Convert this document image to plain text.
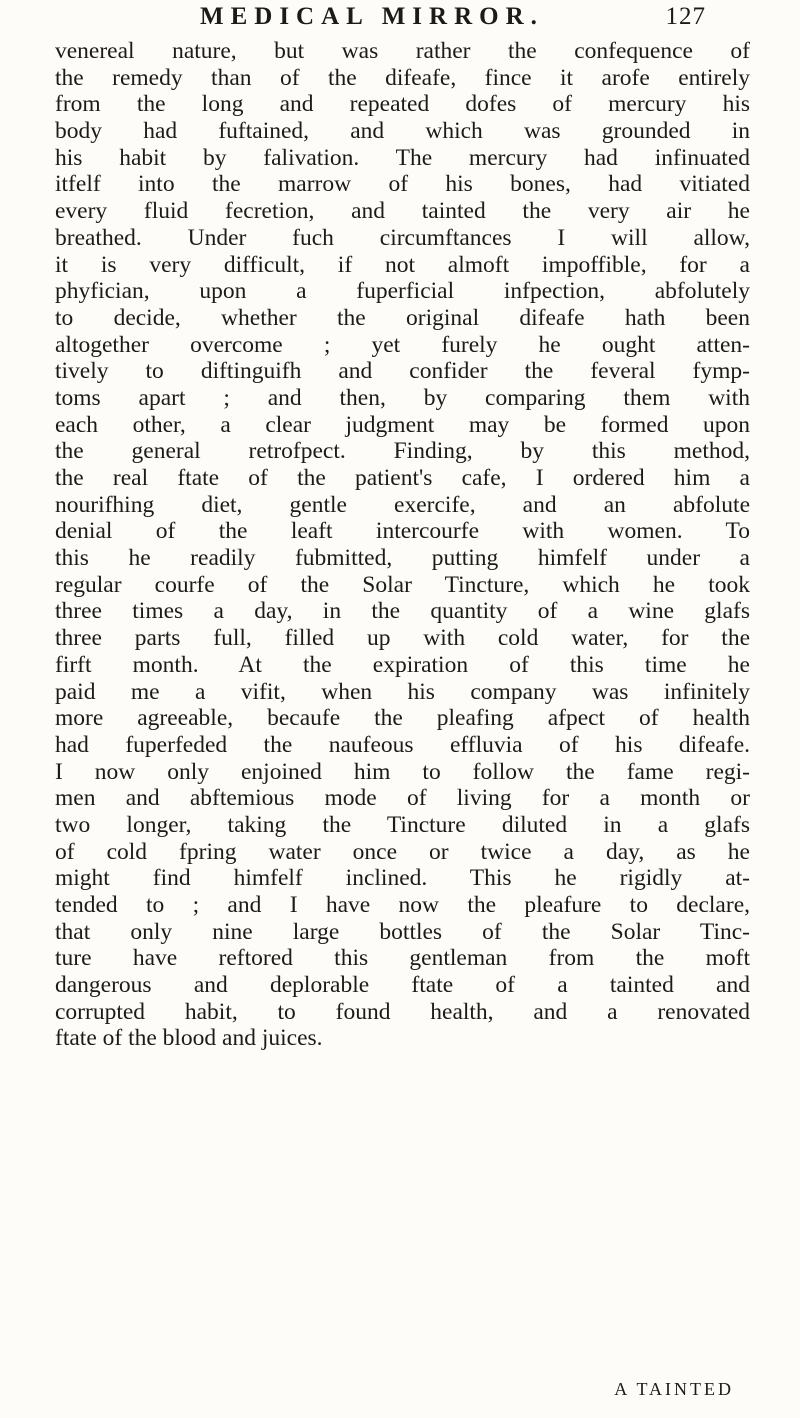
MEDICAL MIRROR.	127
venereal nature, but was rather the confequence of
the remedy than of the difeafe, fince it arofe entirely
from the long and repeated dofes of mercury his
body had fuftained, and which was grounded in
his habit by falivation. The mercury had infinuated
itfelf into the marrow of his bones, had vitiated
every fluid fecretion, and tainted the very air he
breathed. Under fuch circumftances I will allow,
it is very difficult, if not almoft impoffible, for a
phyfician, upon a fuperficial infpection, abfolutely
to decide, whether the original difeafe hath been
altogether overcome ; yet furely he ought atten-
tively to diftinguifh and confider the feveral fymp-
toms apart ; and then, by comparing them with
each other, a clear judgment may be formed upon
the general retrofpect. Finding, by this method,
the real ftate of the patient's cafe, I ordered him a
nourifhing diet, gentle exercife, and an abfolute
denial of the leaft intercourfe with women. To
this he readily fubmitted, putting himfelf under a
regular courfe of the Solar Tincture, which he took
three times a day, in the quantity of a wine glafs
three parts full, filled up with cold water, for the
firft month. At the expiration of this time he
paid me a vifit, when his company was infinitely
more agreeable, becaufe the pleafing afpect of health
had fuperfeded the naufeous effluvia of his difeafe.
I now only enjoined him to follow the fame regi-
men and abftemious mode of living for a month or
two longer, taking the Tincture diluted in a glafs
of cold fpring water once or twice a day, as he
might find himfelf inclined. This he rigidly at-
tended to ; and I have now the pleafure to declare,
that only nine large bottles of the Solar Tinc-
ture have reftored this gentleman from the moft
dangerous and deplorable ftate of a tainted and
corrupted habit, to found health, and a renovated
ftate of the blood and juices.
A TAINTED
